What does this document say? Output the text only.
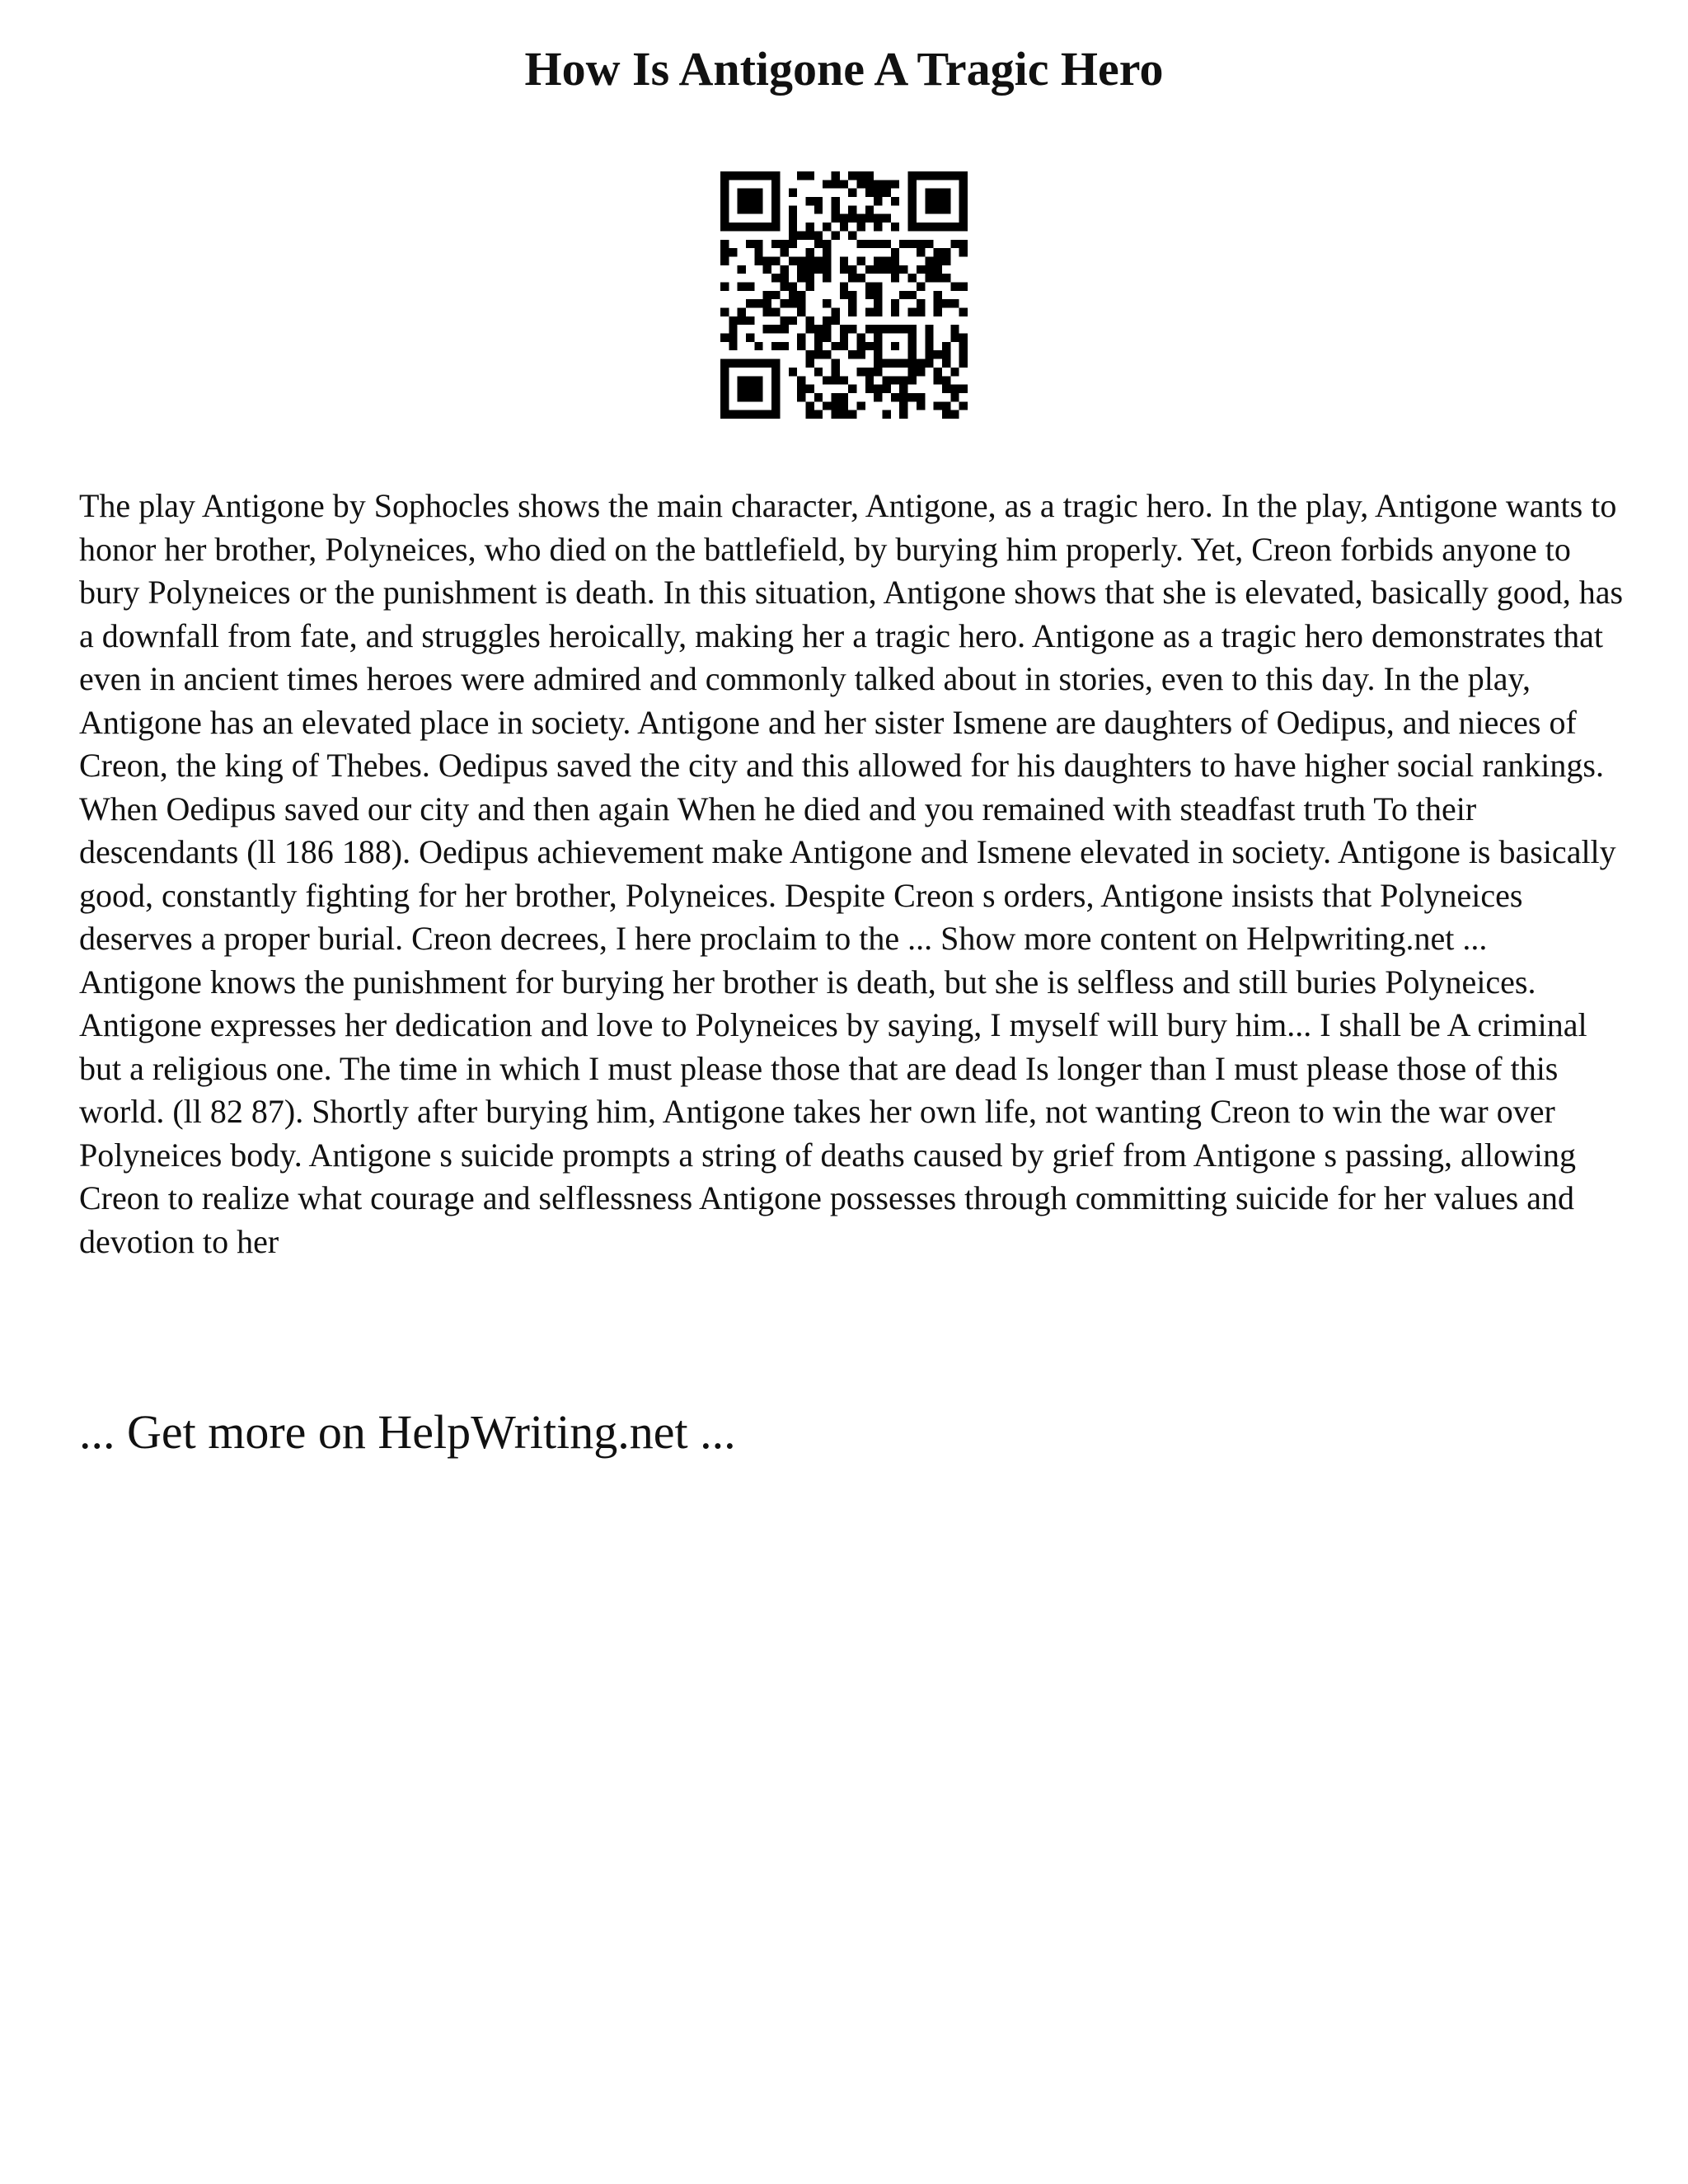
How Is Antigone A Tragic Hero

The play Antigone by Sophocles shows the main character, Antigone, as a tragic hero. In the play, Antigone wants to honor her brother, Polyneices, who died on the battlefield, by burying him properly. Yet, Creon forbids anyone to bury Polyneices or the punishment is death. In this situation, Antigone shows that she is elevated, basically good, has a downfall from fate, and struggles heroically, making her a tragic hero. Antigone as a tragic hero demonstrates that even in ancient times heroes were admired and commonly talked about in stories, even to this day. In the play, Antigone has an elevated place in society. Antigone and her sister Ismene are daughters of Oedipus, and nieces of Creon, the king of Thebes. Oedipus saved the city and this allowed for his daughters to have higher social rankings. When Oedipus saved our city and then again When he died and you remained with steadfast truth To their descendants (ll 186 188). Oedipus achievement make Antigone and Ismene elevated in society. Antigone is basically good, constantly fighting for her brother, Polyneices. Despite Creon s orders, Antigone insists that Polyneices deserves a proper burial. Creon decrees, I here proclaim to the ... Show more content on Helpwriting.net ...

Antigone knows the punishment for burying her brother is death, but she is selfless and still buries Polyneices. Antigone expresses her dedication and love to Polyneices by saying, I myself will bury him... I shall be A criminal but a religious one. The time in which I must please those that are dead Is longer than I must please those of this world. (ll 82 87). Shortly after burying him, Antigone takes her own life, not wanting Creon to win the war over Polyneices body. Antigone s suicide prompts a string of deaths caused by grief from Antigone s passing, allowing Creon to realize what courage and selflessness Antigone possesses through committing suicide for her values and devotion to her

... Get more on HelpWriting.net ...
